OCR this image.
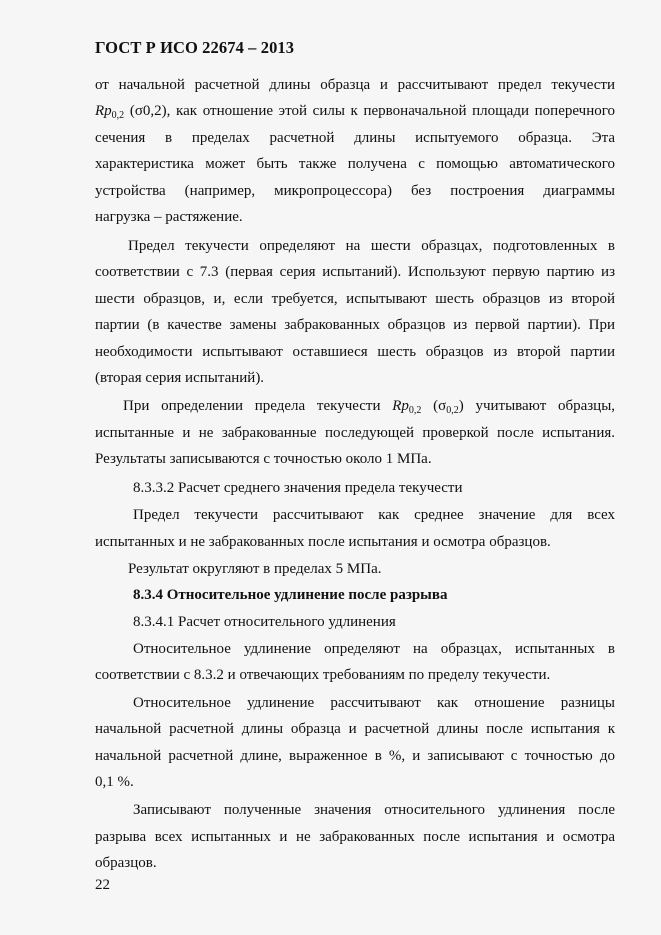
ГОСТ Р ИСО 22674 – 2013
от начальной расчетной длины образца и рассчитывают предел текучести
$Rp_{0,2}$ (σ0,2), как отношение этой силы к первоначальной площади поперечного
сечения в пределах расчетной длины испытуемого образца. Эта
характеристика может быть также получена с помощью автоматического
устройства (например, микропроцессора) без построения диаграммы
нагрузка – растяжение.
Предел текучести определяют на шести образцах, подготовленных в
соответствии с 7.3 (первая серия испытаний). Используют первую партию из
шести образцов, и, если требуется, испытывают шесть образцов из второй
партии (в качестве замены забракованных образцов из первой партии). При
необходимости испытывают оставшиеся шесть образцов из второй партии
(вторая серия испытаний).
При определении предела текучести $Rp_{0,2}$ $(\sigma_{0,2})$ учитывают образцы,
испытанные и не забракованные последующей проверкой после испытания.
Результаты записываются с точностью около 1 МПа.
8.3.3.2 Расчет среднего значения предела текучести
Предел текучести рассчитывают как среднее значение для всех
испытанных и не забракованных после испытания и осмотра образцов.
Результат округляют в пределах 5 МПа.
8.3.4 Относительное удлинение после разрыва
8.3.4.1 Расчет относительного удлинения
Относительное удлинение определяют на образцах, испытанных в
соответствии с 8.3.2 и отвечающих требованиям по пределу текучести.
Относительное удлинение рассчитывают как отношение разницы
начальной расчетной длины образца и расчетной длины после испытания к
начальной расчетной длине, выраженное в %, и записывают с точностью до
0,1 %.
Записывают полученные значения относительного удлинения после
разрыва всех испытанных и не забракованных после испытания и осмотра
образцов.
22
